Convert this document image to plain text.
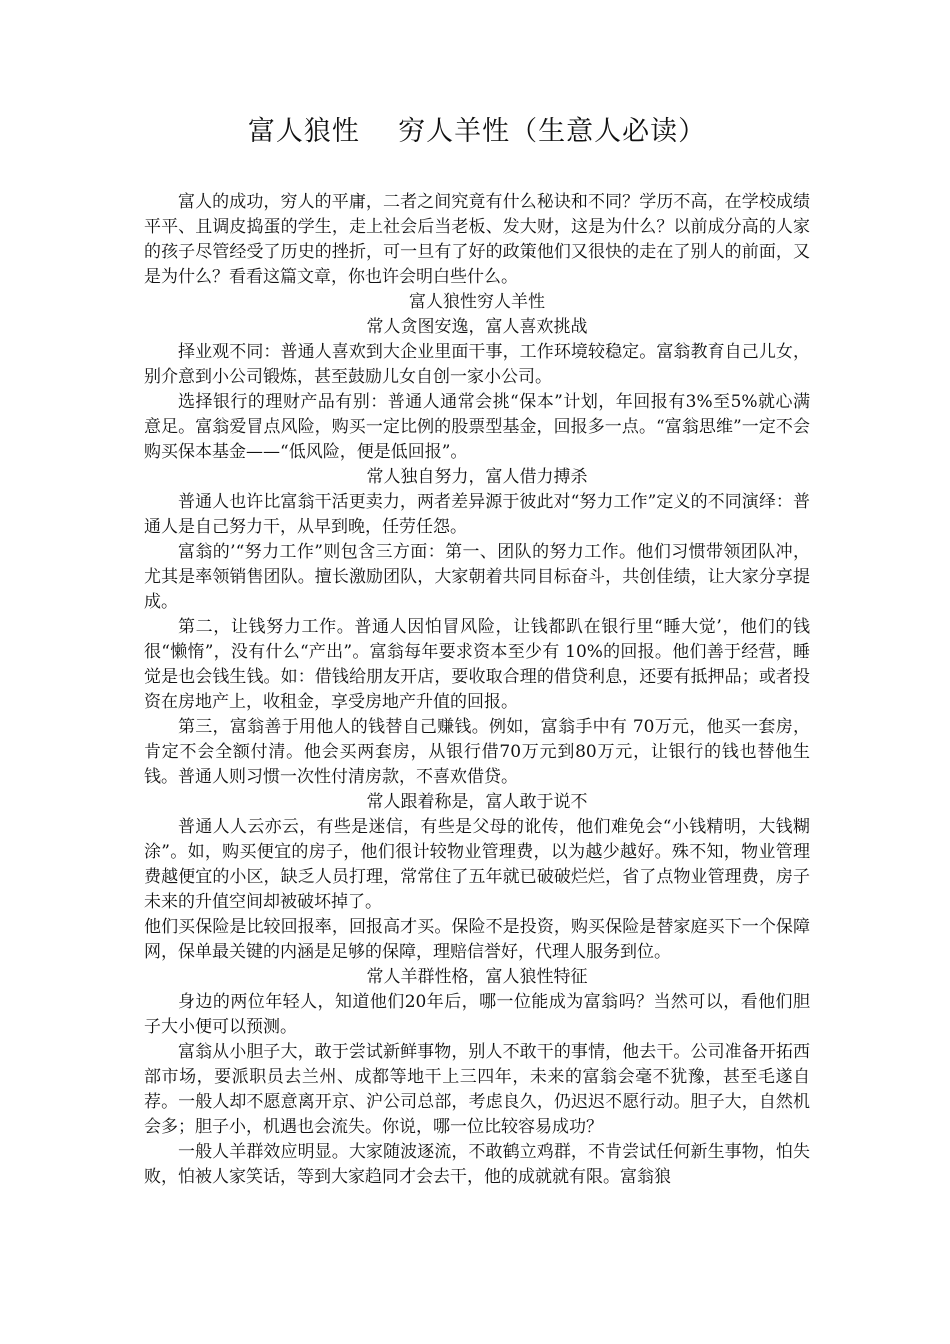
富人狼性    穷人羊性（生意人必读）
富人的成功，穷人的平庸，二者之间究竟有什么秘诀和不同？学历不高，在学校成绩平平、且调皮捣蛋的学生，走上社会后当老板、发大财，这是为什么？以前成分高的人家的孩子尽管经受了历史的挫折，可一旦有了好的政策他们又很快的走在了别人的前面，又是为什么？看看这篇文章，你也许会明白些什么。
富人狼性穷人羊性
常人贪图安逸，富人喜欢挑战
择业观不同：普通人喜欢到大企业里面干事，工作环境较稳定。富翁教育自己儿女，别介意到小公司锻炼，甚至鼓励儿女自创一家小公司。
选择银行的理财产品有别：普通人通常会挑“保本”计划，年回报有3%至5%就心满意足。富翁爱冒点风险，购买一定比例的股票型基金，回报多一点。“富翁思维”一定不会购买保本基金——“低风险，便是低回报”。
常人独自努力，富人借力搏杀
普通人也许比富翁干活更卖力，两者差异源于彼此对“努力工作”定义的不同演绎：普通人是自己努力干，从早到晚，任劳任怨。
富翁的’“努力工作”则包含三方面：第一、团队的努力工作。他们习惯带领团队冲，尤其是率领销售团队。擅长激励团队，大家朝着共同目标奋斗，共创佳绩，让大家分享提成。
第二，让钱努力工作。普通人因怕冒风险，让钱都趴在银行里“睡大觉’，他们的钱很“懒惰”，没有什么“产出”。富翁每年要求资本至少有 10%的回报。他们善于经营，睡觉是也会钱生钱。如：借钱给朋友开店，要收取合理的借贷利息，还要有抵押品；或者投资在房地产上，收租金，享受房地产升值的回报。
第三，富翁善于用他人的钱替自己赚钱。例如，富翁手中有 70万元，他买一套房，肯定不会全额付清。他会买两套房，从银行借70万元到80万元，让银行的钱也替他生钱。普通人则习惯一次性付清房款，不喜欢借贷。
常人跟着称是，富人敢于说不
普通人人云亦云，有些是迷信，有些是父母的讹传，他们难免会“小钱精明，大钱糊涂”。如，购买便宜的房子，他们很计较物业管理费，以为越少越好。殊不知，物业管理费越便宜的小区，缺乏人员打理，常常住了五年就已破破烂烂，省了点物业管理费，房子未来的升值空间却被破坏掉了。
他们买保险是比较回报率，回报高才买。保险不是投资，购买保险是替家庭买下一个保障网，保单最关键的内涵是足够的保障，理赔信誉好，代理人服务到位。
常人羊群性格，富人狼性特征
身边的两位年轻人，知道他们20年后，哪一位能成为富翁吗？当然可以，看他们胆子大小便可以预测。
富翁从小胆子大，敢于尝试新鲜事物，别人不敢干的事情，他去干。公司准备开拓西部市场，要派职员去兰州、成都等地干上三四年，未来的富翁会毫不犹豫，甚至毛遂自荐。一般人却不愿意离开京、沪公司总部，考虑良久，仍迟迟不愿行动。胆子大，自然机会多；胆子小，机遇也会流失。你说，哪一位比较容易成功？
一般人羊群效应明显。大家随波逐流，不敢鹤立鸡群，不肯尝试任何新生事物，怕失败，怕被人家笑话，等到大家趋同才会去干，他的成就就有限。富翁狼
